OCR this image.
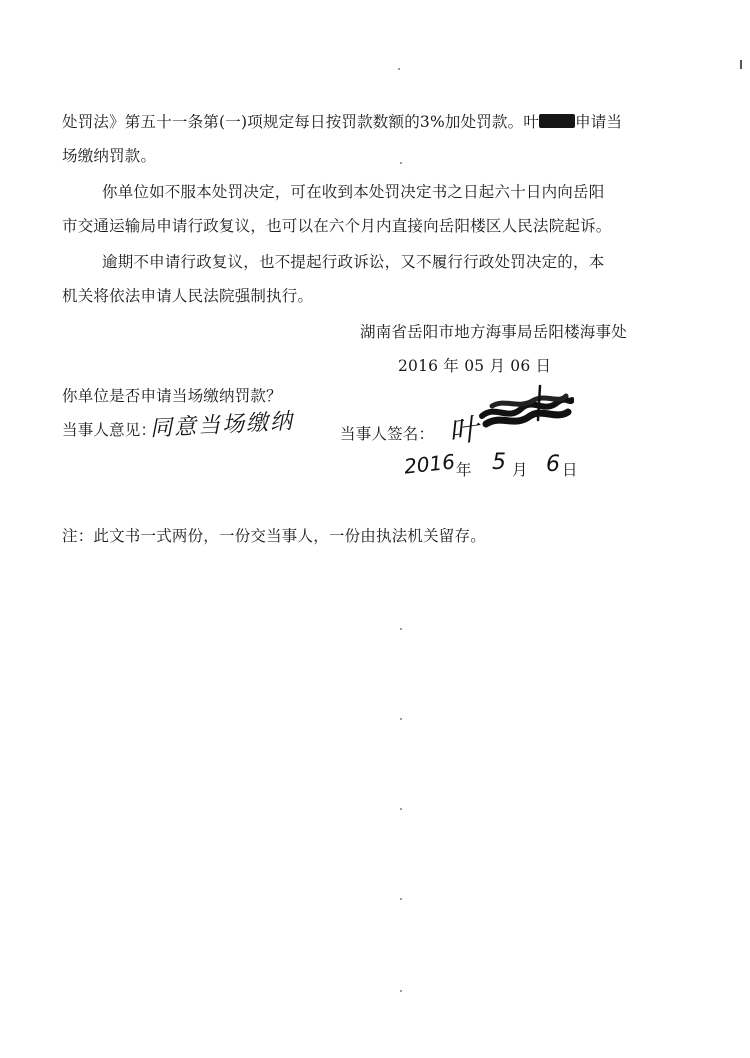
处罚法》第五十一条第(一)项规定每日按罚款数额的3%加处罚款。叶 申请当
场缴纳罚款。
你单位如不服本处罚决定，可在收到本处罚决定书之日起六十日内向岳阳
市交通运输局申请行政复议，也可以在六个月内直接向岳阳楼区人民法院起诉。
逾期不申请行政复议，也不提起行政诉讼，又不履行行政处罚决定的，本
机关将依法申请人民法院强制执行。
湖南省岳阳市地方海事局岳阳楼海事处
2016 年 05 月 06 日
你单位是否申请当场缴纳罚款？
当事人意见：
同意当场缴纳	当事人签名： 叶
2016 年 5 月 6 日
注：此文书一式两份，一份交当事人，一份由执法机关留存。
